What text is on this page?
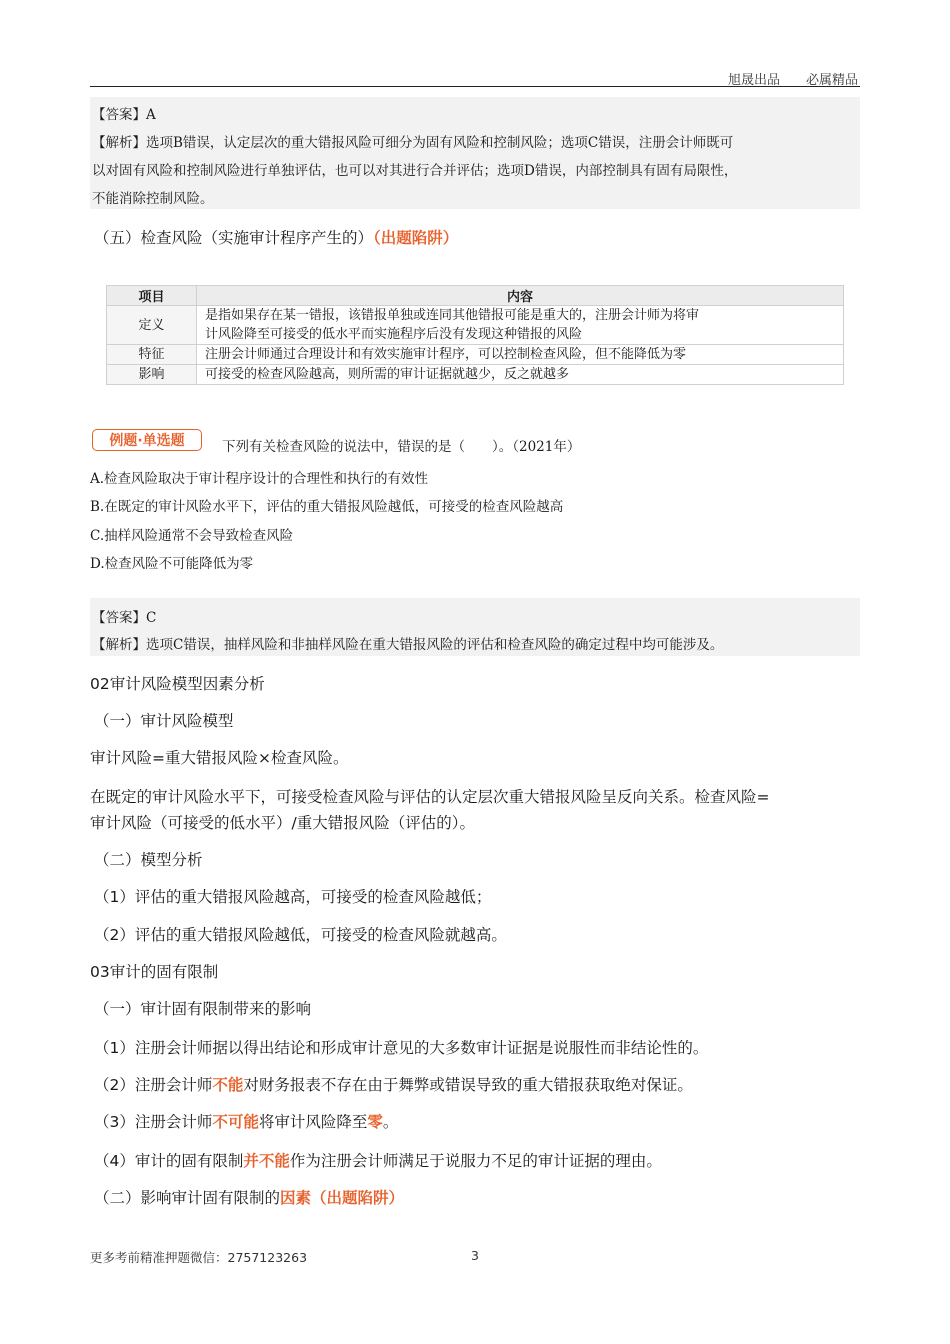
旭晟出品 必属精品
【答案】A
【解析】选项B错误，认定层次的重大错报风险可细分为固有风险和控制风险；选项C错误，注册会计师既可
以对固有风险和控制风险进行单独评估，也可以对其进行合并评估；选项D错误，内部控制具有固有局限性，
不能消除控制风险。
（五）检查风险（实施审计程序产生的）（出题陷阱）
项目	内容
定义	是指如果存在某一错报，该错报单独或连同其他错报可能是重大的，注册会计师为将审
计风险降至可接受的低水平而实施程序后没有发现这种错报的风险

特征	注册会计师通过合理设计和有效实施审计程序，可以控制检查风险，但不能降低为零
影响	可接受的检查风险越高，则所需的审计证据就越少，反之就越多
例题·单选题	下列有关检查风险的说法中，错误的是（　　）。（2021年）
A.检查风险取决于审计程序设计的合理性和执行的有效性
B.在既定的审计风险水平下，评估的重大错报风险越低，可接受的检查风险越高
C.抽样风险通常不会导致检查风险
D.检查风险不可能降低为零
【答案】C
【解析】选项C错误，抽样风险和非抽样风险在重大错报风险的评估和检查风险的确定过程中均可能涉及。
02审计风险模型因素分析
（一）审计风险模型
审计风险=重大错报风险×检查风险。
在既定的审计风险水平下，可接受检查风险与评估的认定层次重大错报风险呈反向关系。检查风险=
审计风险（可接受的低水平）/重大错报风险（评估的）。
（二）模型分析
（1）评估的重大错报风险越高，可接受的检查风险越低；
（2）评估的重大错报风险越低，可接受的检查风险就越高。
03审计的固有限制
（一）审计固有限制带来的影响
（1）注册会计师据以得出结论和形成审计意见的大多数审计证据是说服性而非结论性的。
（2）注册会计师不能对财务报表不存在由于舞弊或错误导致的重大错报获取绝对保证。
（3）注册会计师不可能将审计风险降至零。
（4）审计的固有限制并不能作为注册会计师满足于说服力不足的审计证据的理由。
（二）影响审计固有限制的因素（出题陷阱）
更多考前精准押题微信：2757123263	3
